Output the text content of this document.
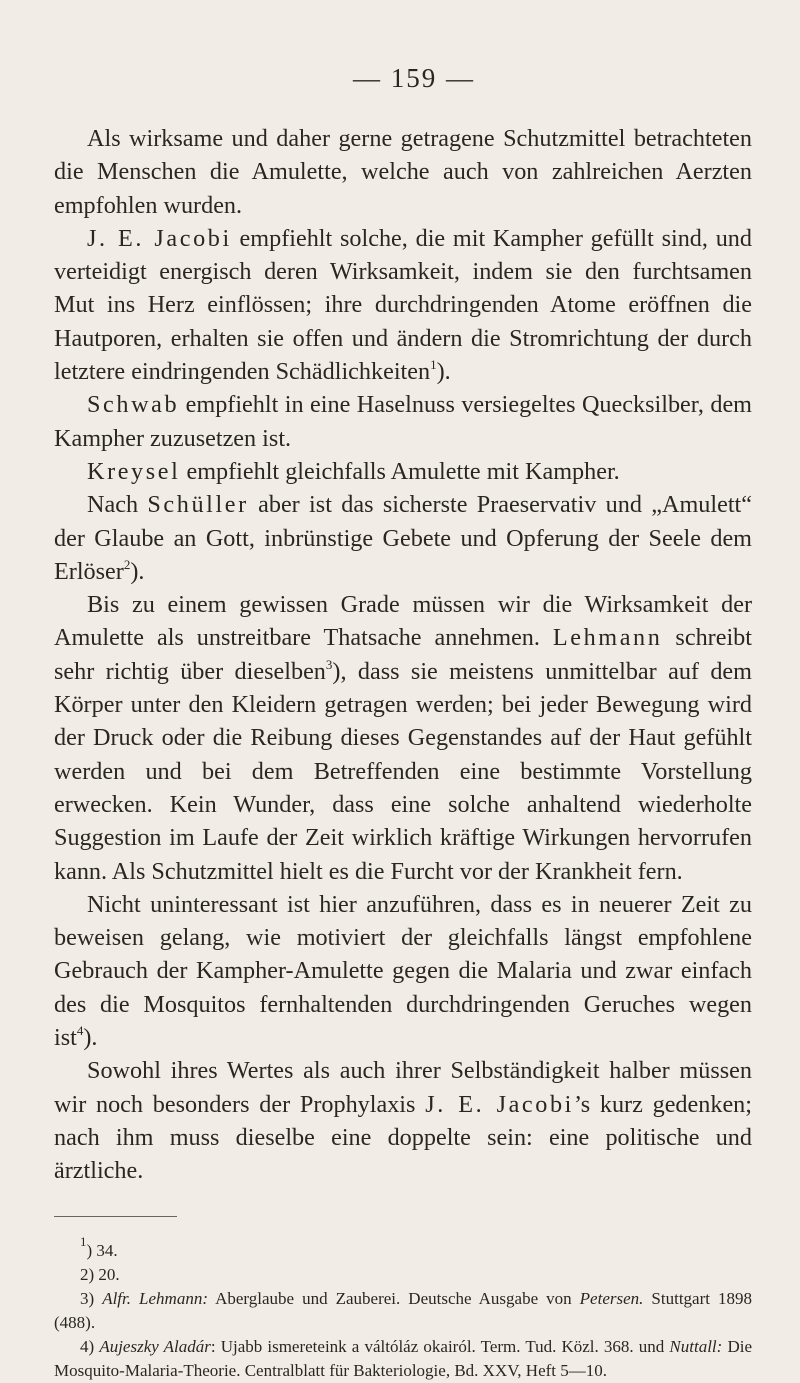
— 159 —

Als wirksame und daher gerne getragene Schutzmittel betrachteten die Menschen die Amulette, welche auch von zahlreichen Aerzten empfohlen wurden.

J. E. Jacobi empfiehlt solche, die mit Kampher gefüllt sind, und verteidigt energisch deren Wirksamkeit, indem sie den furchtsamen Mut ins Herz einflössen; ihre durchdringenden Atome eröffnen die Hautporen, erhalten sie offen und ändern die Stromrichtung der durch letztere eindringenden Schädlichkeiten$^1$).

Schwab empfiehlt in eine Haselnuss versiegeltes Quecksilber, dem Kampher zuzusetzen ist.

Kreysel empfiehlt gleichfalls Amulette mit Kampher.

Nach Schüller aber ist das sicherste Praeservativ und „Amulett“ der Glaube an Gott, inbrünstige Gebete und Opferung der Seele dem Erlöser$^2$).

Bis zu einem gewissen Grade müssen wir die Wirksamkeit der Amulette als unstreitbare Thatsache annehmen. Lehmann schreibt sehr richtig über dieselben$^3$), dass sie meistens unmittelbar auf dem Körper unter den Kleidern getragen werden; bei jeder Bewegung wird der Druck oder die Reibung dieses Gegenstandes auf der Haut gefühlt werden und bei dem Betreffenden eine bestimmte Vorstellung erwecken. Kein Wunder, dass eine solche anhaltend wiederholte Suggestion im Laufe der Zeit wirklich kräftige Wirkungen hervorrufen kann. Als Schutzmittel hielt es die Furcht vor der Krankheit fern.

Nicht uninteressant ist hier anzuführen, dass es in neuerer Zeit zu beweisen gelang, wie motiviert der gleichfalls längst empfohlene Gebrauch der Kampher-Amulette gegen die Malaria und zwar einfach des die Mosquitos fernhaltenden durchdringenden Geruches wegen ist$^4$).

Sowohl ihres Wertes als auch ihrer Selbständigkeit halber müssen wir noch besonders der Prophylaxis J. E. Jacobi’s kurz gedenken; nach ihm muss dieselbe eine doppelte sein: eine politische und ärztliche.

$^1$) 34.
2) 20.
3) Alfr. Lehmann: Aberglaube und Zauberei. Deutsche Ausgabe von Petersen. Stuttgart 1898 (488).
4) Aujeszky Aladár: Ujabb ismereteink a váltóláz okairól. Term. Tud. Közl. 368. und Nuttall: Die Mosquito-Malaria-Theorie. Centralblatt für Bakteriologie, Bd. XXV, Heft 5—10.
